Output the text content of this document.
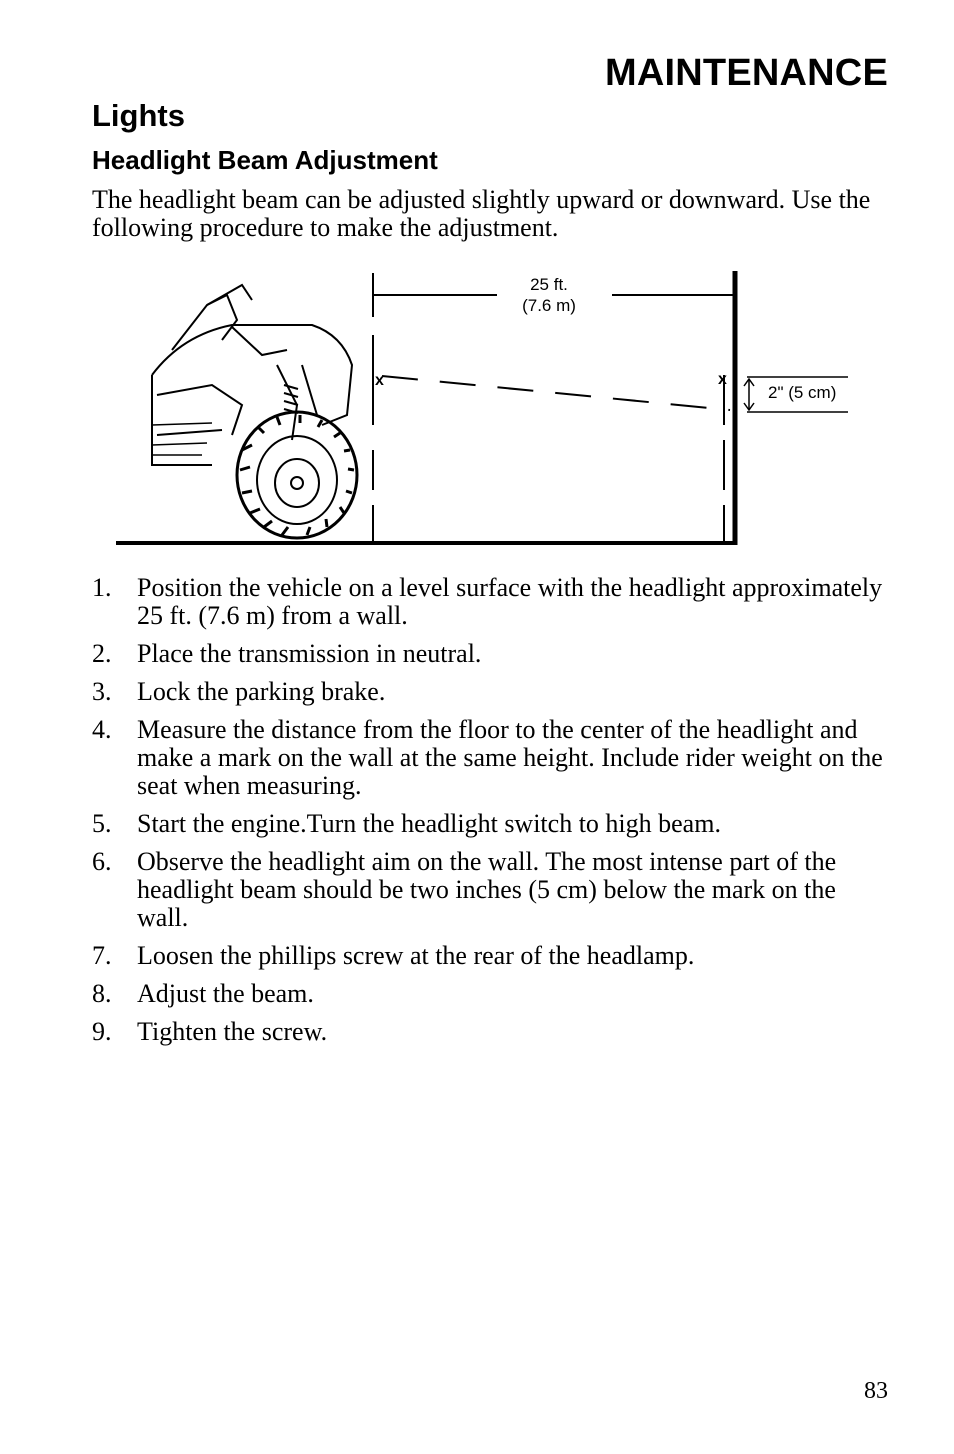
MAINTENANCE
Lights
Headlight Beam Adjustment
The headlight beam can be adjusted slightly upward or downward. Use the following procedure to make the adjustment.
25 ft.
(7.6 m)
x	x
2" (5 cm)
1. Position the vehicle on a level surface with the headlight approximately 25 ft. (7.6 m) from a wall.
2. Place the transmission in neutral.
3. Lock the parking brake.
4. Measure the distance from the floor to the center of the headlight and make a mark on the wall at the same height. Include rider weight on the seat when measuring.
5. Start the engine.Turn the headlight switch to high beam.
6. Observe the headlight aim on the wall. The most intense part of the headlight beam should be two inches (5 cm) below the mark on the wall.
7. Loosen the phillips screw at the rear of the headlamp.
8. Adjust the beam.
9. Tighten the screw.
83
